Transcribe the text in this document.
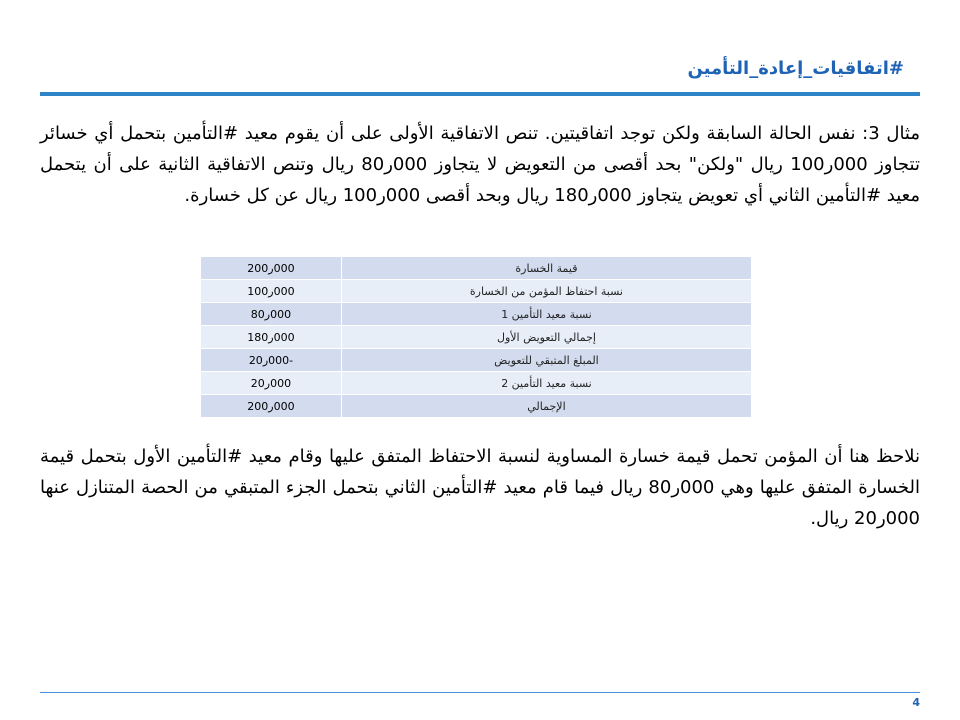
#اتفاقيات_إعادة_التأمين
مثال 3: نفس الحالة السابقة ولكن توجد اتفاقيتين. تنص الاتفاقية الأولى على أن يقوم معيد #التأمين بتحمل أي خسائر تتجاوز 000ر100 ريال "ولكن" بحد أقصى من التعويض لا يتجاوز 000ر80 ريال وتنص الاتفاقية الثانية على أن يتحمل معيد #التأمين الثاني أي تعويض يتجاوز 000ر180 ريال وبحد أقصى 000ر100 ريال عن كل خسارة.
قيمة الخسارة	000ر200
نسبة احتفاظ المؤمن من الخسارة	000ر100
نسبة معيد التأمين 1	000ر80
إجمالي التعويض الأول	000ر180
المبلغ المتبقي للتعويض	-000ر20
نسبة معيد التأمين 2	000ر20
الإجمالي	000ر200
نلاحظ هنا أن المؤمن تحمل قيمة خسارة المساوية لنسبة الاحتفاظ المتفق عليها وقام معيد #التأمين الأول بتحمل قيمة الخسارة المتفق عليها وهي 000ر80 ريال فيما قام معيد #التأمين الثاني بتحمل الجزء المتبقي من الحصة المتنازل عنها 000ر20 ريال.
4
